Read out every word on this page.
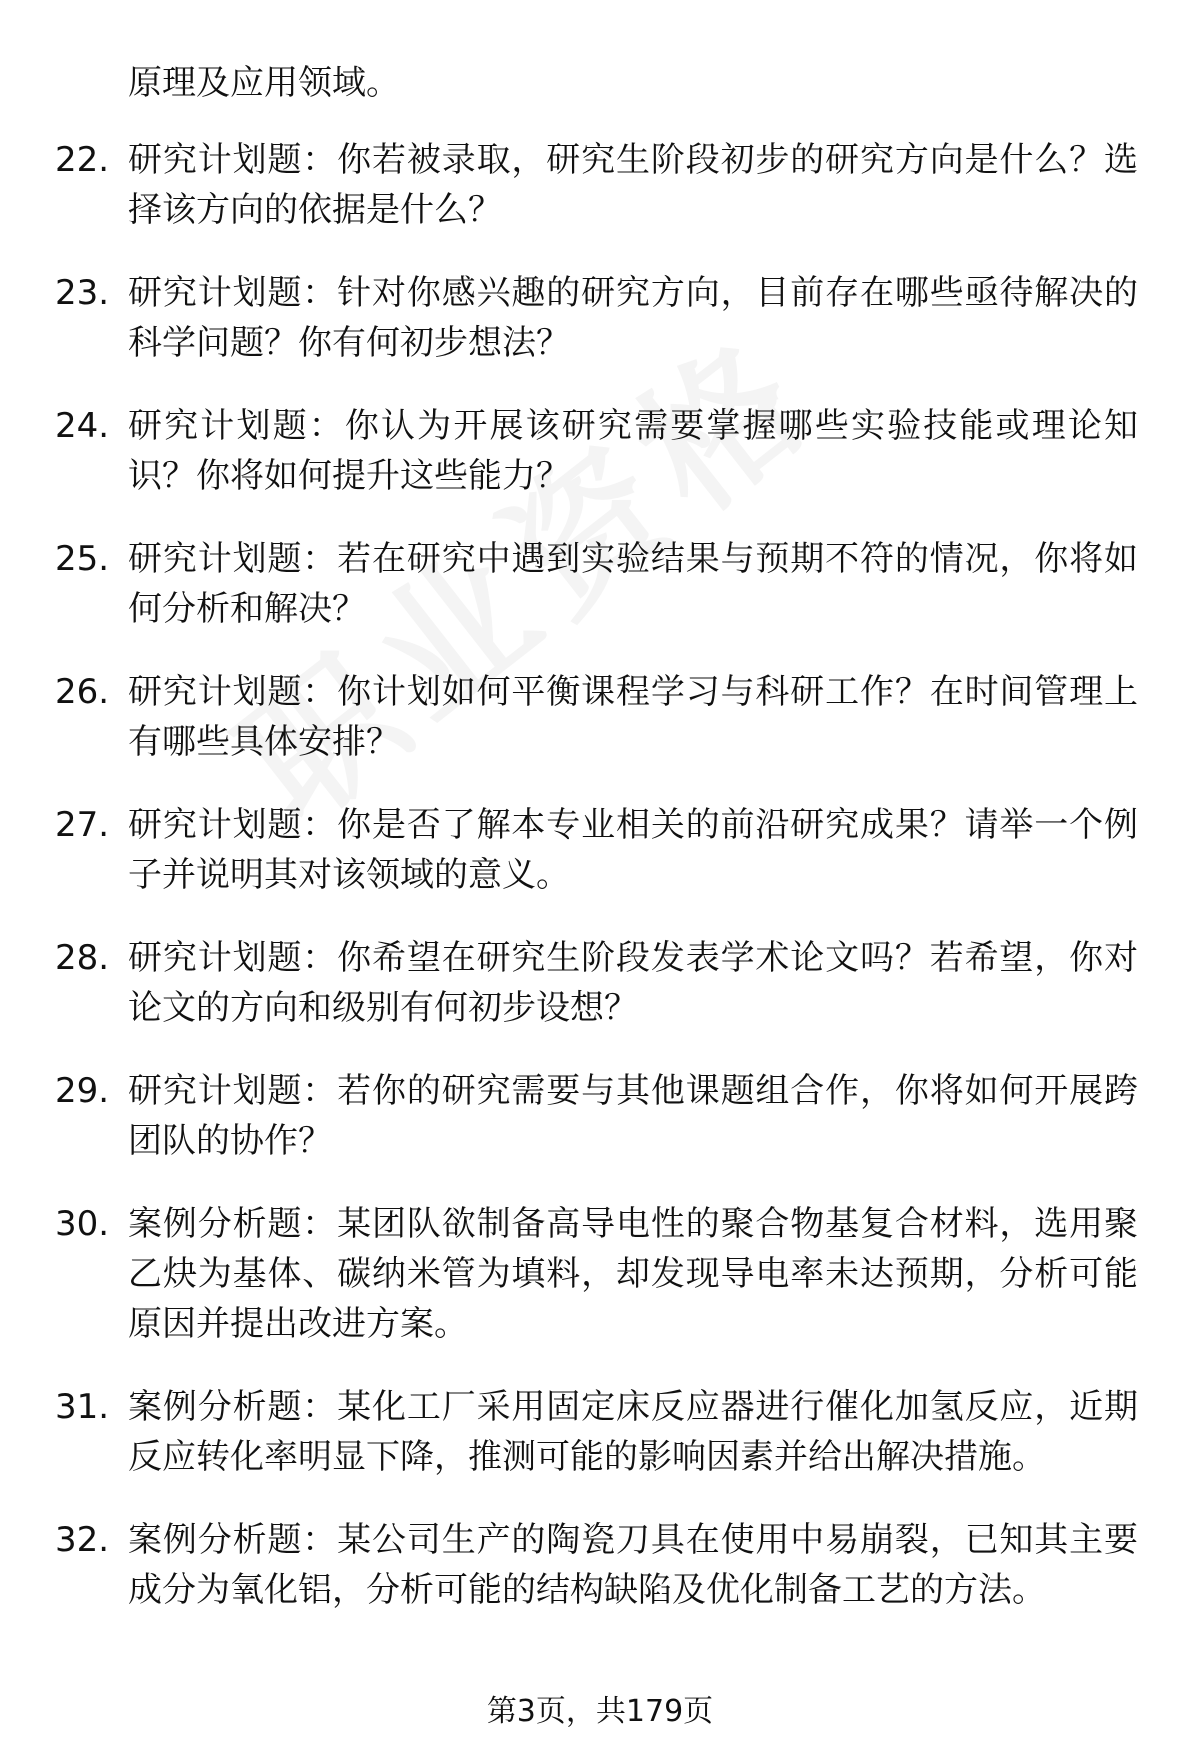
原理及应用领域。
22. 研究计划题：你若被录取，研究生阶段初步的研究方向是什么？选择该方向的依据是什么？
23. 研究计划题：针对你感兴趣的研究方向，目前存在哪些亟待解决的科学问题？你有何初步想法？
24. 研究计划题：你认为开展该研究需要掌握哪些实验技能或理论知识？你将如何提升这些能力？
25. 研究计划题：若在研究中遇到实验结果与预期不符的情况，你将如何分析和解决？
26. 研究计划题：你计划如何平衡课程学习与科研工作？在时间管理上有哪些具体安排？
27. 研究计划题：你是否了解本专业相关的前沿研究成果？请举一个例子并说明其对该领域的意义。
28. 研究计划题：你希望在研究生阶段发表学术论文吗？若希望，你对论文的方向和级别有何初步设想？
29. 研究计划题：若你的研究需要与其他课题组合作，你将如何开展跨团队的协作？
30. 案例分析题：某团队欲制备高导电性的聚合物基复合材料，选用聚乙炔为基体、碳纳米管为填料，却发现导电率未达预期，分析可能原因并提出改进方案。
31. 案例分析题：某化工厂采用固定床反应器进行催化加氢反应，近期反应转化率明显下降，推测可能的影响因素并给出解决措施。
32. 案例分析题：某公司生产的陶瓷刀具在使用中易崩裂，已知其主要成分为氧化铝，分析可能的结构缺陷及优化制备工艺的方法。
第3页，共179页
